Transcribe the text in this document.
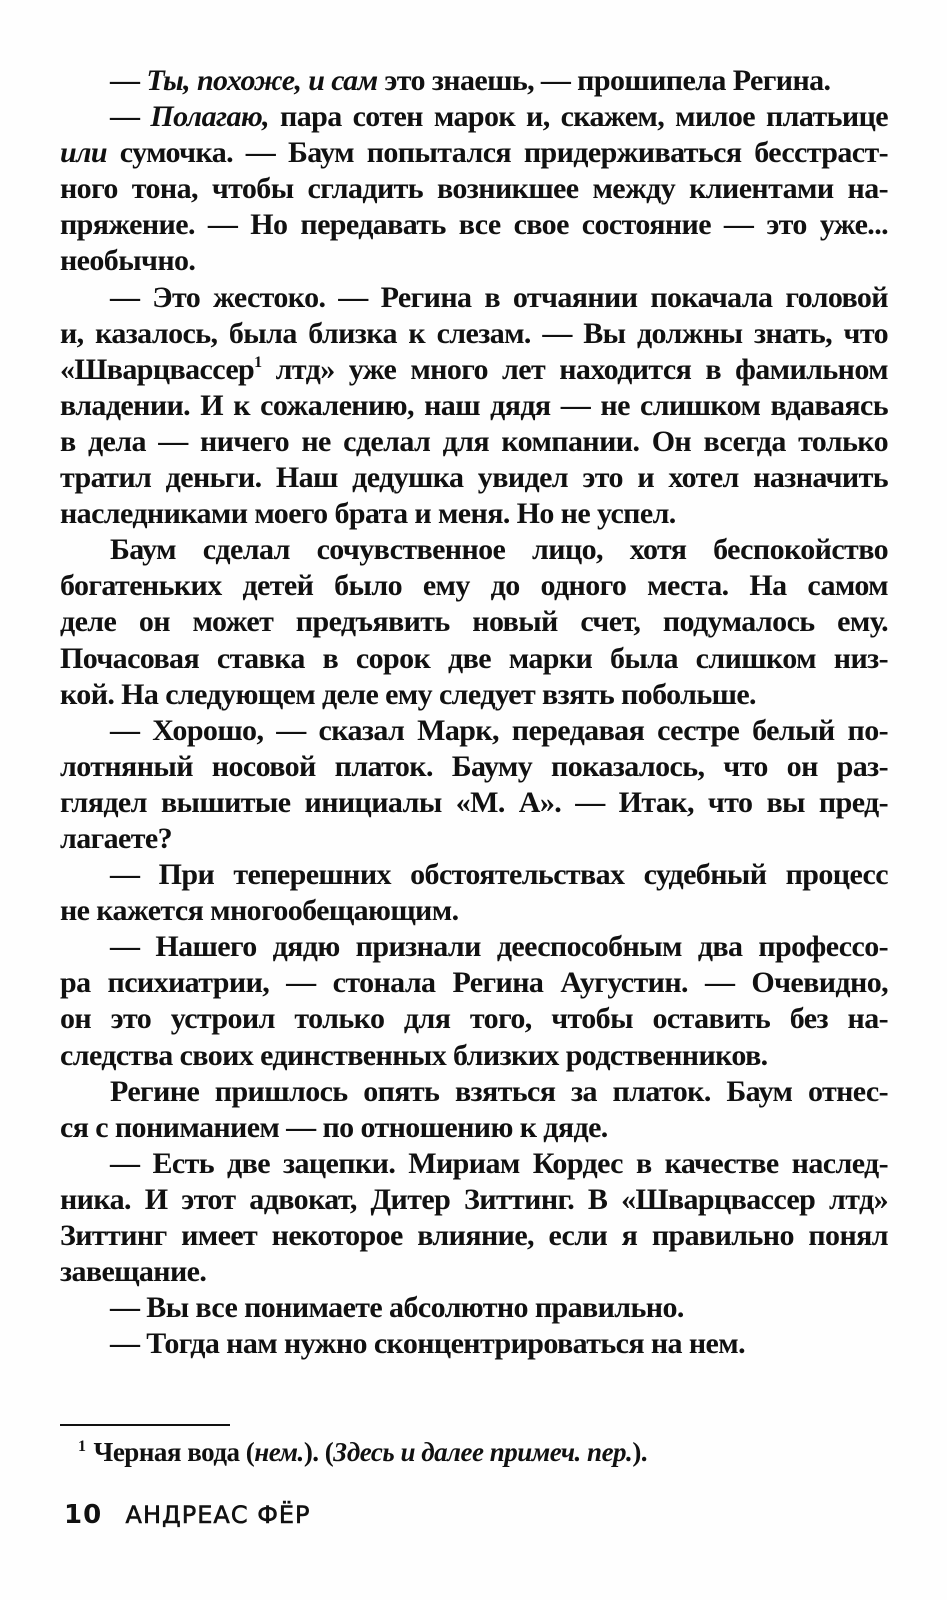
— Ты, похоже, и сам это знаешь, — прошипела Регина.
— Полагаю, пара сотен марок и, скажем, милое платьице
или сумочка. — Баум попытался придерживаться бесстраст-
ного тона, чтобы сгладить возникшее между клиентами на-
пряжение. — Но передавать все свое состояние — это уже...
необычно.
— Это жестоко. — Регина в отчаянии покачала головой
и, казалось, была близка к слезам. — Вы должны знать, что
«Шварцвассер$^1$ лтд» уже много лет находится в фамильном
владении. И к сожалению, наш дядя — не слишком вдаваясь
в дела — ничего не сделал для компании. Он всегда только
тратил деньги. Наш дедушка увидел это и хотел назначить
наследниками моего брата и меня. Но не успел.
Баум сделал сочувственное лицо, хотя беспокойство
богатеньких детей было ему до одного места. На самом
деле он может предъявить новый счет, подумалось ему.
Почасовая ставка в сорок две марки была слишком низ-
кой. На следующем деле ему следует взять побольше.
— Хорошо, — сказал Марк, передавая сестре белый по-
лотняный носовой платок. Бауму показалось, что он раз-
глядел вышитые инициалы «М. А». — Итак, что вы пред-
лагаете?
— При теперешних обстоятельствах судебный процесс
не кажется многообещающим.
— Нашего дядю признали дееспособным два профессо-
ра психиатрии, — стонала Регина Аугустин. — Очевидно,
он это устроил только для того, чтобы оставить без на-
следства своих единственных близких родственников.
Регине пришлось опять взяться за платок. Баум отнес-
ся с пониманием — по отношению к дяде.
— Есть две зацепки. Мириам Кордес в качестве наслед-
ника. И этот адвокат, Дитер Зиттинг. В «Шварцвассер лтд»
Зиттинг имеет некоторое влияние, если я правильно понял
завещание.
— Вы все понимаете абсолютно правильно.
— Тогда нам нужно сконцентрироваться на нем.
$^1$ Черная вода (нем.). (Здесь и далее примеч. пер.).
10 АНДРЕАС ФЁР
